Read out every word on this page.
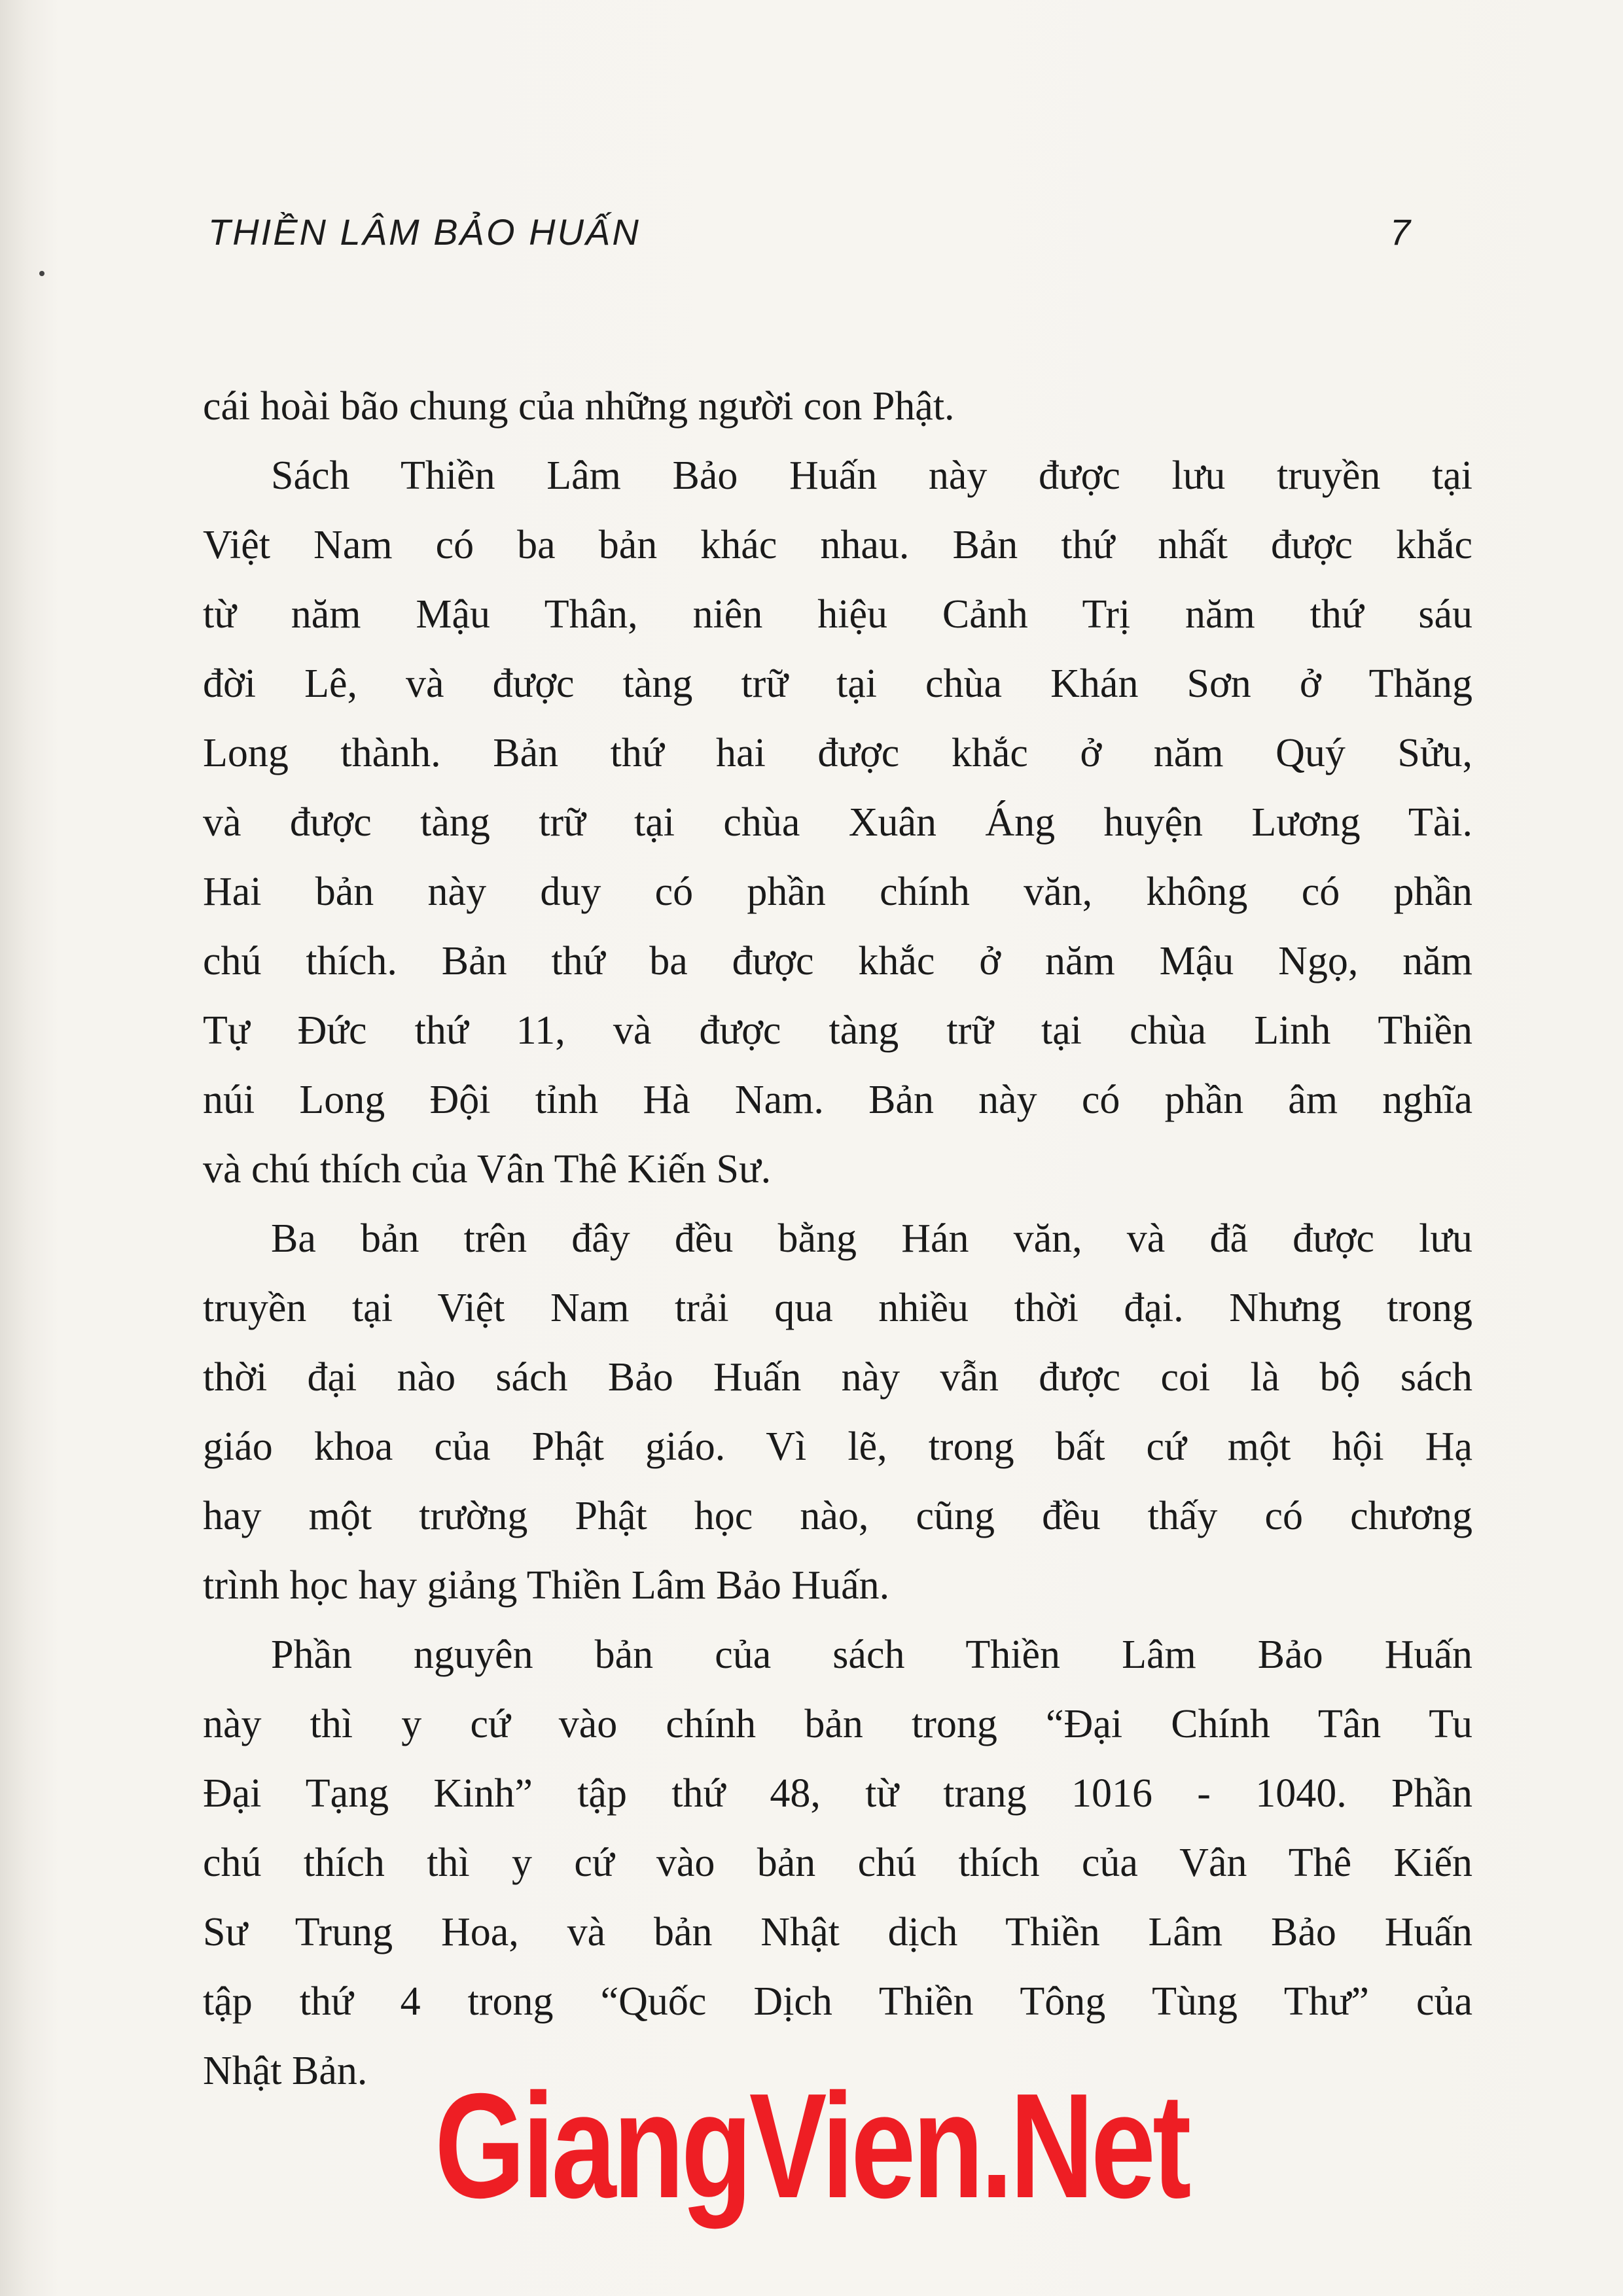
THIỀN LÂM BẢO HUẤN	7
cái hoài bão chung của những người con Phật.
Sách Thiền Lâm Bảo Huấn này được lưu truyền tại
Việt Nam có ba bản khác nhau. Bản thứ nhất được khắc
từ năm Mậu Thân, niên hiệu Cảnh Trị năm thứ sáu
đời Lê, và được tàng trữ tại chùa Khán Sơn ở Thăng
Long thành. Bản thứ hai được khắc ở năm Quý Sửu,
và được tàng trữ tại chùa Xuân Áng huyện Lương Tài.
Hai bản này duy có phần chính văn, không có phần
chú thích. Bản thứ ba được khắc ở năm Mậu Ngọ, năm
Tự Đức thứ 11, và được tàng trữ tại chùa Linh Thiền
núi Long Đội tỉnh Hà Nam. Bản này có phần âm nghĩa
và chú thích của Vân Thê Kiến Sư.
Ba bản trên đây đều bằng Hán văn, và đã được lưu
truyền tại Việt Nam trải qua nhiều thời đại. Nhưng trong
thời đại nào sách Bảo Huấn này vẫn được coi là bộ sách
giáo khoa của Phật giáo. Vì lẽ, trong bất cứ một hội Hạ
hay một trường Phật học nào, cũng đều thấy có chương
trình học hay giảng Thiền Lâm Bảo Huấn.
Phần nguyên bản của sách Thiền Lâm Bảo Huấn
này thì y cứ vào chính bản trong “Đại Chính Tân Tu
Đại Tạng Kinh” tập thứ 48, từ trang 1016 - 1040. Phần
chú thích thì y cứ vào bản chú thích của Vân Thê Kiến
Sư Trung Hoa, và bản Nhật dịch Thiền Lâm Bảo Huấn
tập thứ 4 trong “Quốc Dịch Thiền Tông Tùng Thư” của
Nhật Bản. GiangVien.Net
